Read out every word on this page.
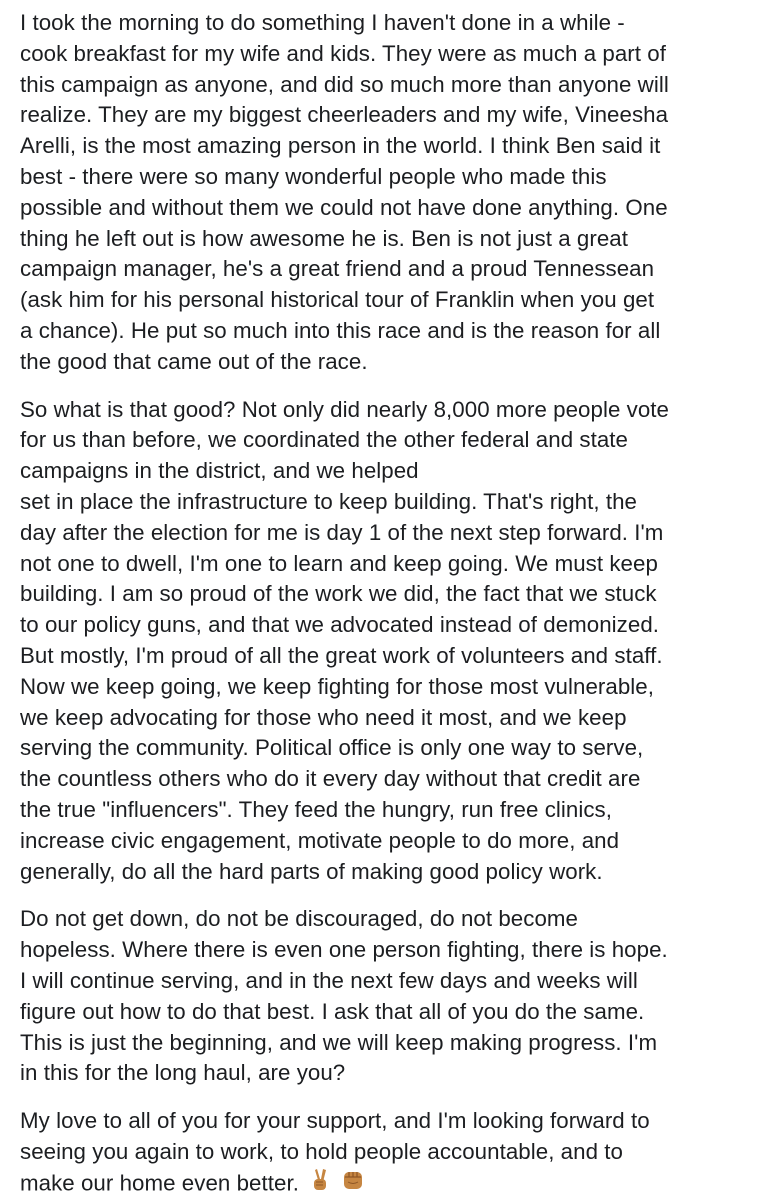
I took the morning to do something I haven't done in a while -
cook breakfast for my wife and kids. They were as much a part of
this campaign as anyone, and did so much more than anyone will
realize. They are my biggest cheerleaders and my wife, Vineesha
Arelli, is the most amazing person in the world. I think Ben said it
best - there were so many wonderful people who made this
possible and without them we could not have done anything. One
thing he left out is how awesome he is. Ben is not just a great
campaign manager, he's a great friend and a proud Tennessean
(ask him for his personal historical tour of Franklin when you get
a chance). He put so much into this race and is the reason for all
the good that came out of the race.
So what is that good? Not only did nearly 8,000 more people vote
for us than before, we coordinated the other federal and state
campaigns in the district, and we helped
set in place the infrastructure to keep building. That's right, the
day after the election for me is day 1 of the next step forward. I'm
not one to dwell, I'm one to learn and keep going. We must keep
building. I am so proud of the work we did, the fact that we stuck
to our policy guns, and that we advocated instead of demonized.
But mostly, I'm proud of all the great work of volunteers and staff.
Now we keep going, we keep fighting for those most vulnerable,
we keep advocating for those who need it most, and we keep
serving the community. Political office is only one way to serve,
the countless others who do it every day without that credit are
the true "influencers". They feed the hungry, run free clinics,
increase civic engagement, motivate people to do more, and
generally, do all the hard parts of making good policy work.
Do not get down, do not be discouraged, do not become
hopeless. Where there is even one person fighting, there is hope.
I will continue serving, and in the next few days and weeks will
figure out how to do that best. I ask that all of you do the same.
This is just the beginning, and we will keep making progress. I'm
in this for the long haul, are you?
My love to all of you for your support, and I'm looking forward to
seeing you again to work, to hold people accountable, and to
make our home even better.
